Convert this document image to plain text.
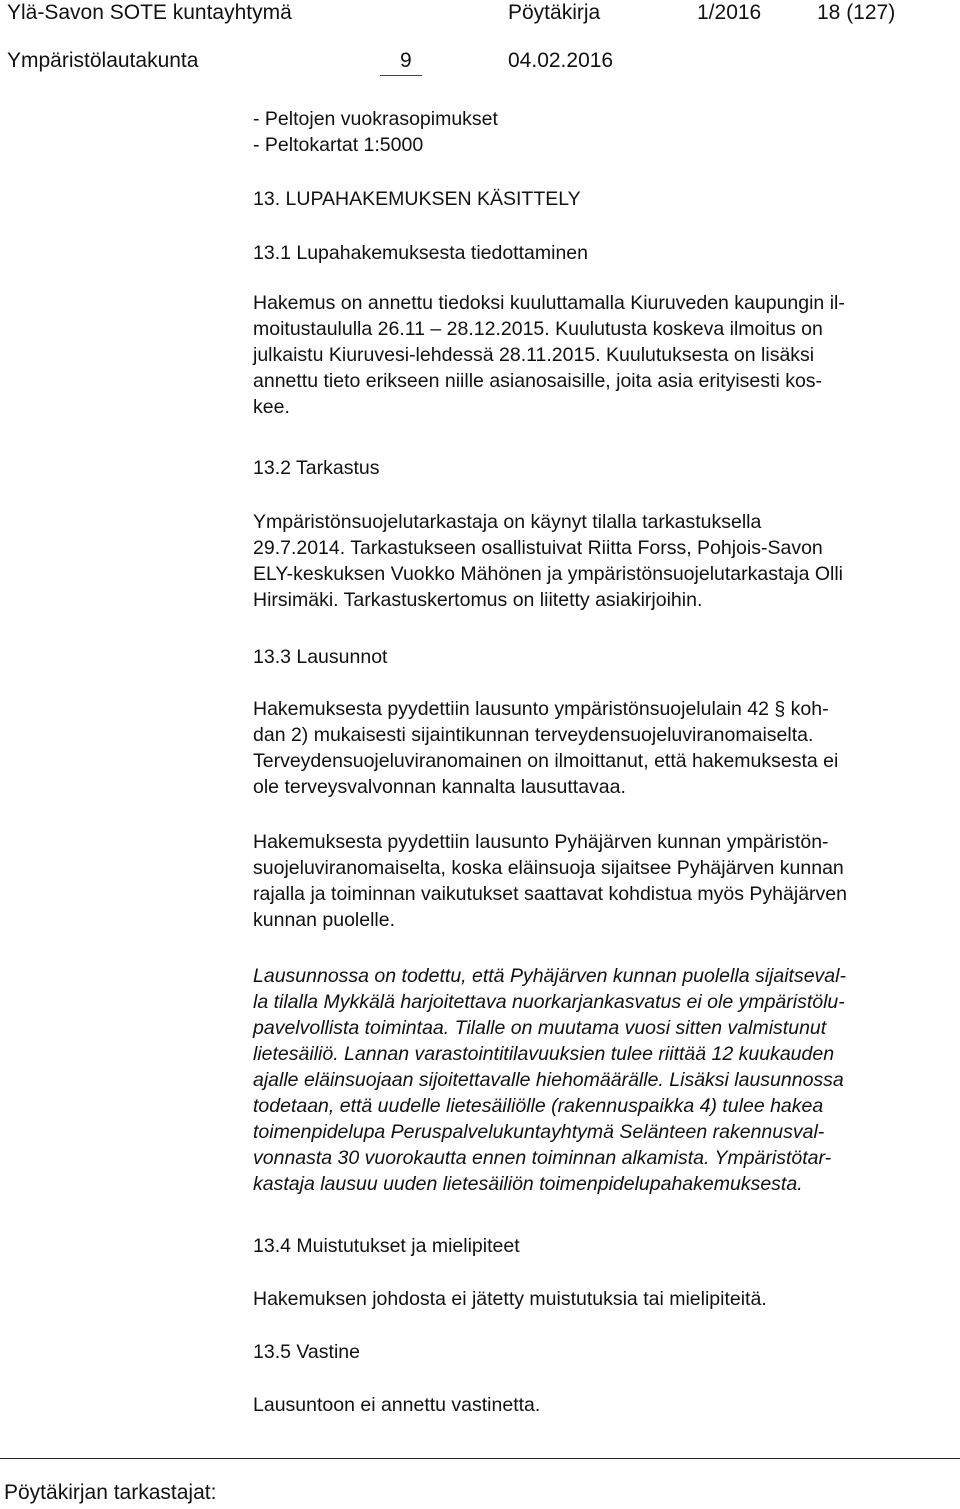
Ylä-Savon SOTE kuntayhtymä	Pöytäkirja	1/2016	18 (127)
Ympäristölautakunta	9	04.02.2016
- Peltojen vuokrasopimukset
- Peltokartat 1:5000
13. LUPAHAKEMUKSEN KÄSITTELY
13.1 Lupahakemuksesta tiedottaminen
Hakemus on annettu tiedoksi kuuluttamalla Kiuruveden kaupungin il-
moitustaululla 26.11 – 28.12.2015. Kuulutusta koskeva ilmoitus on
julkaistu Kiuruvesi-lehdessä 28.11.2015. Kuulutuksesta on lisäksi
annettu tieto erikseen niille asianosaisille, joita asia erityisesti kos-
kee.
13.2 Tarkastus
Ympäristönsuojelutarkastaja on käynyt tilalla tarkastuksella
29.7.2014. Tarkastukseen osallistuivat Riitta Forss, Pohjois-Savon
ELY-keskuksen Vuokko Mähönen ja ympäristönsuojelutarkastaja Olli
Hirsimäki. Tarkastuskertomus on liitetty asiakirjoihin.
13.3 Lausunnot
Hakemuksesta pyydettiin lausunto ympäristönsuojelulain 42 § koh-
dan 2) mukaisesti sijaintikunnan terveydensuojeluviranomaiselta.
Terveydensuojeluviranomainen on ilmoittanut, että hakemuksesta ei
ole terveysvalvonnan kannalta lausuttavaa.
Hakemuksesta pyydettiin lausunto Pyhäjärven kunnan ympäristön-
suojeluviranomaiselta, koska eläinsuoja sijaitsee Pyhäjärven kunnan
rajalla ja toiminnan vaikutukset saattavat kohdistua myös Pyhäjärven
kunnan puolelle.
Lausunnossa on todettu, että Pyhäjärven kunnan puolella sijaitseval-
la tilalla Mykkälä harjoitettava nuorkarjankasvatus ei ole ympäristölu-
pavelvollista toimintaa. Tilalle on muutama vuosi sitten valmistunut
lietesäiliö. Lannan varastointitilavuuksien tulee riittää 12 kuukauden
ajalle eläinsuojaan sijoitettavalle hiehomäärälle. Lisäksi lausunnossa
todetaan, että uudelle lietesäiliölle (rakennuspaikka 4) tulee hakea
toimenpidelupa Peruspalvelukuntayhtymä Selänteen rakennusval-
vonnasta 30 vuorokautta ennen toiminnan alkamista. Ympäristötar-
kastaja lausuu uuden lietesäiliön toimenpidelupahakemuksesta.
13.4 Muistutukset ja mielipiteet
Hakemuksen johdosta ei jätetty muistutuksia tai mielipiteitä.
13.5 Vastine
Lausuntoon ei annettu vastinetta.
Pöytäkirjan tarkastajat:
